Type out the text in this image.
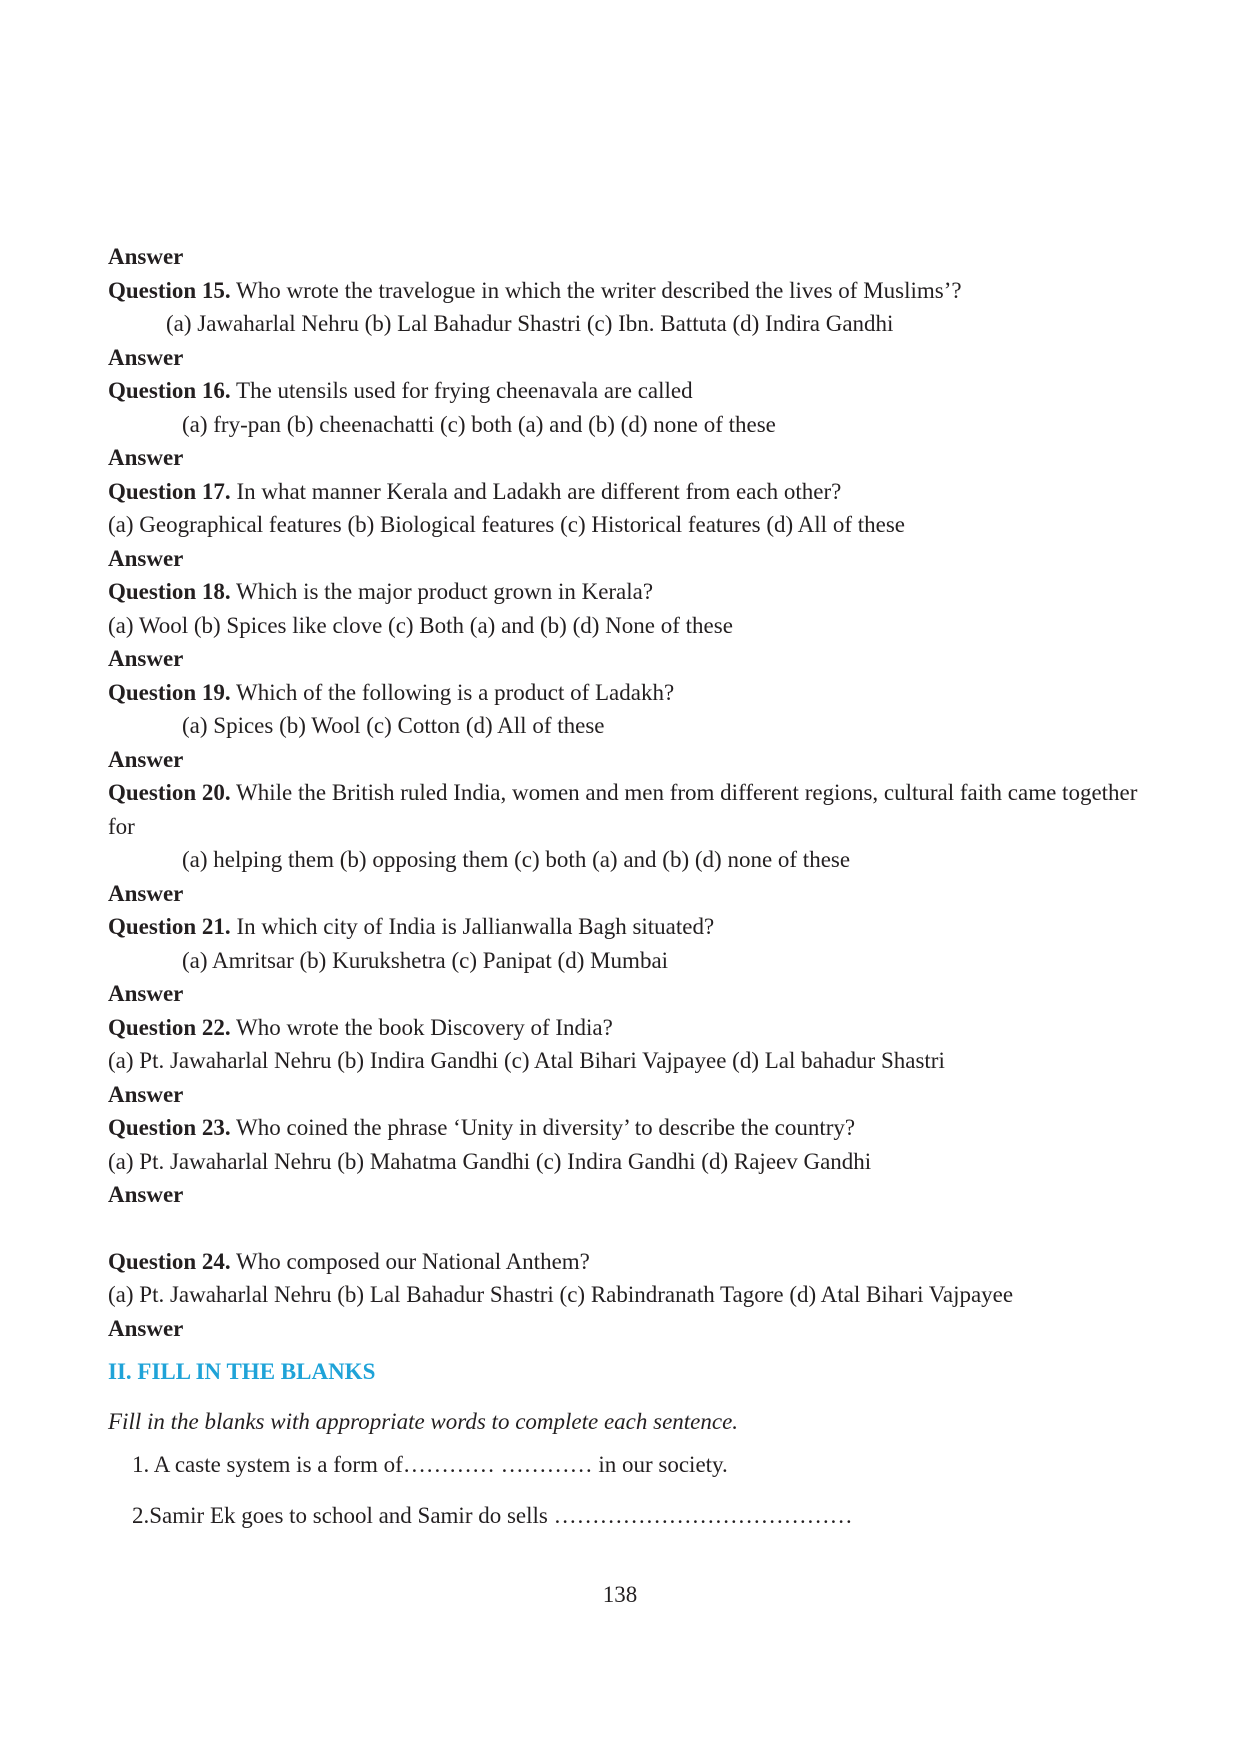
Answer
Question 15. Who wrote the travelogue in which the writer described the lives of Muslims’?
(a) Jawaharlal Nehru (b) Lal Bahadur Shastri (c) Ibn. Battuta (d) Indira Gandhi
Answer
Question 16. The utensils used for frying cheenavala are called
(a) fry-pan (b) cheenachatti (c) both (a) and (b) (d) none of these
Answer
Question 17. In what manner Kerala and Ladakh are different from each other?
(a) Geographical features (b) Biological features (c) Historical features (d) All of these
Answer
Question 18. Which is the major product grown in Kerala?
(a) Wool (b) Spices like clove (c) Both (a) and (b) (d) None of these
Answer
Question 19. Which of the following is a product of Ladakh?
(a) Spices (b) Wool (c) Cotton (d) All of these
Answer
Question 20. While the British ruled India, women and men from different regions, cultural faith came together for
(a) helping them (b) opposing them (c) both (a) and (b) (d) none of these
Answer
Question 21. In which city of India is Jallianwalla Bagh situated?
(a) Amritsar (b) Kurukshetra (c) Panipat (d) Mumbai
Answer
Question 22. Who wrote the book Discovery of India?
(a) Pt. Jawaharlal Nehru (b) Indira Gandhi (c) Atal Bihari Vajpayee (d) Lal bahadur Shastri
Answer
Question 23. Who coined the phrase ‘Unity in diversity’ to describe the country?
(a) Pt. Jawaharlal Nehru (b) Mahatma Gandhi (c) Indira Gandhi (d) Rajeev Gandhi
Answer
Question 24. Who composed our National Anthem?
(a) Pt. Jawaharlal Nehru (b) Lal Bahadur Shastri (c) Rabindranath Tagore (d) Atal Bihari Vajpayee
Answer
II. FILL IN THE BLANKS
Fill in the blanks with appropriate words to complete each sentence.
1. A caste system is a form of………… ………… in our society.
2.Samir Ek goes to school and Samir do sells …………………………………
138
